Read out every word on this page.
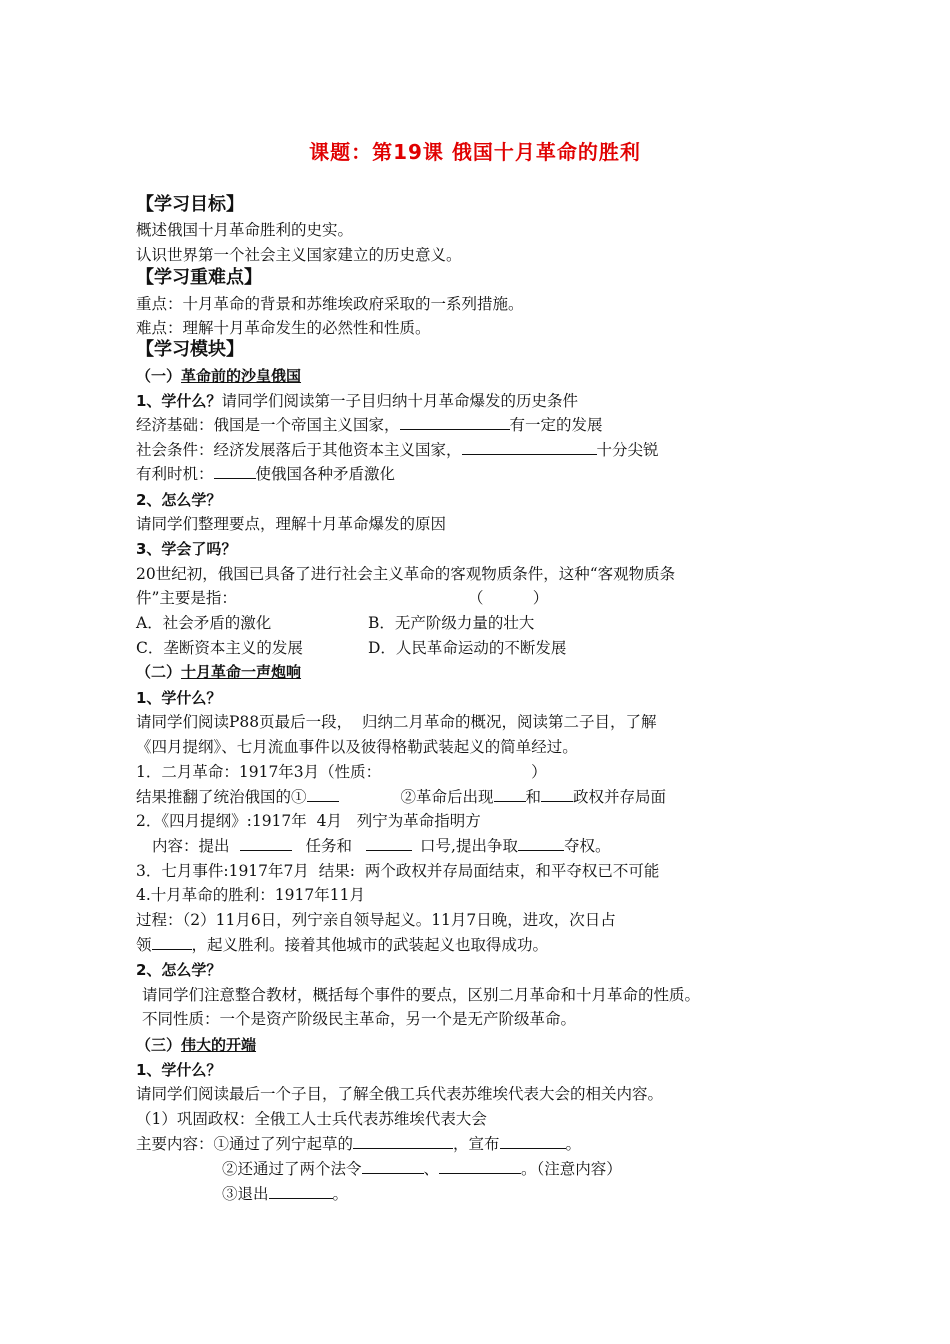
课题：第19课 俄国十月革命的胜利
【学习目标】
概述俄国十月革命胜利的史实。
认识世界第一个社会主义国家建立的历史意义。
【学习重难点】
重点：十月革命的背景和苏维埃政府采取的一系列措施。
难点：理解十月革命发生的必然性和性质。
【学习模块】
（一）革命前的沙皇俄国
1、学什么？请同学们阅读第一子目归纳十月革命爆发的历史条件
经济基础：俄国是一个帝国主义国家，	有一定的发展
社会条件：经济发展落后于其他资本主义国家，	十分尖锐
有利时机：	使俄国各种矛盾激化
2、怎么学？
请同学们整理要点，理解十月革命爆发的原因
3、学会了吗？
20世纪初，俄国已具备了进行社会主义革命的客观物质条件，这种“客观物质条
件”主要是指：	（          ）
A．社会矛盾的激化	B．无产阶级力量的壮大
C．垄断资本主义的发展	D．人民革命运动的不断发展
（二）十月革命一声炮响
1、学什么？
请同学们阅读P88页最后一段，  归纳二月革命的概况，阅读第二子目，了解
《四月提纲》、七月流血事件以及彼得格勒武装起义的简单经过。
1．二月革命：1917年3月（性质：	）
结果推翻了统治俄国的①	②革命后出现 和 政权并存局面
2．《四月提纲》:1917年  4月   列宁为革命指明方
内容：提出	任务和	口号,提出争取	夺权。
3．七月事件:1917年7月  结果:  两个政权并存局面结束，和平夺权已不可能
4.十月革命的胜利：1917年11月
过程：（2）11月6日，列宁亲自领导起义。11月7日晚，进攻，次日占
领	，起义胜利。接着其他城市的武装起义也取得成功。
2、怎么学？
请同学们注意整合教材，概括每个事件的要点，区别二月革命和十月革命的性质。
不同性质：一个是资产阶级民主革命，另一个是无产阶级革命。
（三）伟大的开端
1、学什么？
请同学们阅读最后一个子目，了解全俄工兵代表苏维埃代表大会的相关内容。
（1）巩固政权：全俄工人士兵代表苏维埃代表大会
主要内容：①通过了列宁起草的	，宣布	。
②还通过了两个法令	、	。（注意内容）
③退出	。
